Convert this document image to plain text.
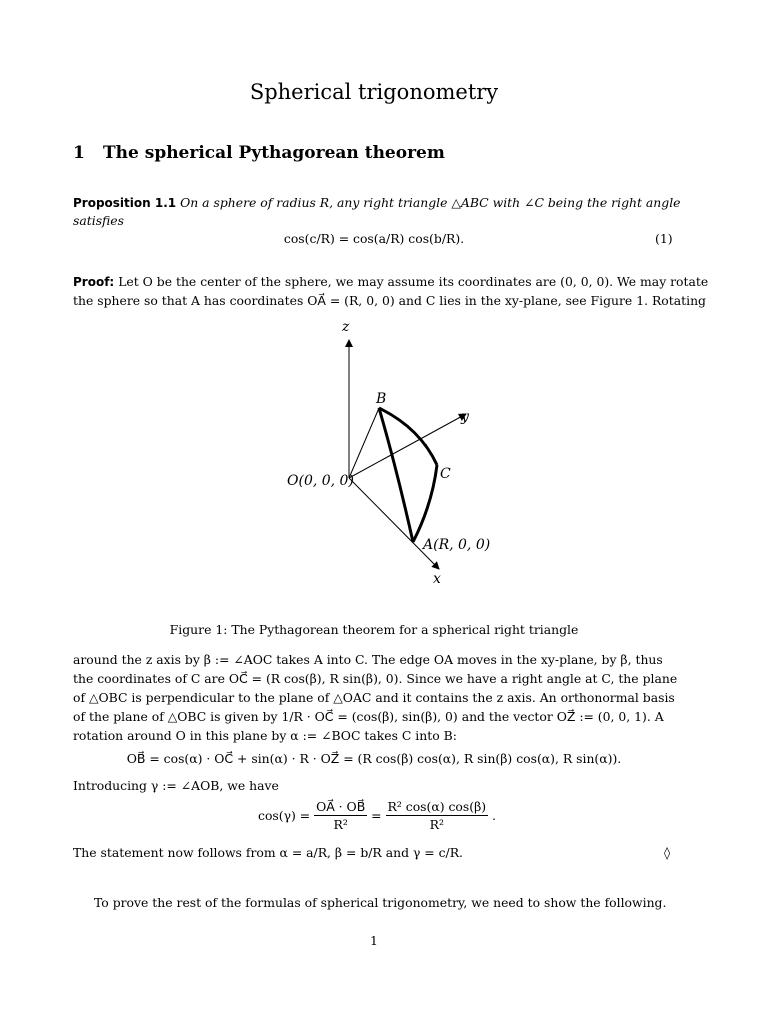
Spherical trigonometry
1 The spherical Pythagorean theorem
Proposition 1.1 On a sphere of radius R, any right triangle △ABC with ∠C being the right angle
satisfies
cos(c/R) = cos(a/R) cos(b/R).	(1)
Proof: Let O be the center of the sphere, we may assume its coordinates are (0, 0, 0). We may rotate
the sphere so that A has coordinates OA⃗ = (R, 0, 0) and C lies in the xy-plane, see Figure 1. Rotating
z
y
x
B
C
O(0, 0, 0)
A(R, 0, 0)
Figure 1: The Pythagorean theorem for a spherical right triangle
around the z axis by β := ∠AOC takes A into C. The edge OA moves in the xy-plane, by β, thus
the coordinates of C are OC⃗ = (R cos(β), R sin(β), 0). Since we have a right angle at C, the plane
of △OBC is perpendicular to the plane of △OAC and it contains the z axis. An orthonormal basis
of the plane of △OBC is given by 1/R · OC⃗ = (cos(β), sin(β), 0) and the vector OZ⃗ := (0, 0, 1). A
rotation around O in this plane by α := ∠BOC takes C into B:
OB⃗ = cos(α) · OC⃗ + sin(α) · R · OZ⃗ = (R cos(β) cos(α), R sin(β) cos(α), R sin(α)).
Introducing γ := ∠AOB, we have
$\cos(\gamma) = \frac{OA⃗ \cdot OB⃗}{\text{R²}} = \frac{\text{R² cos(α) cos(β)}}{\text{R²}}$ .
The statement now follows from α = a/R, β = b/R and γ = c/R.	◊
To prove the rest of the formulas of spherical trigonometry, we need to show the following.
1
